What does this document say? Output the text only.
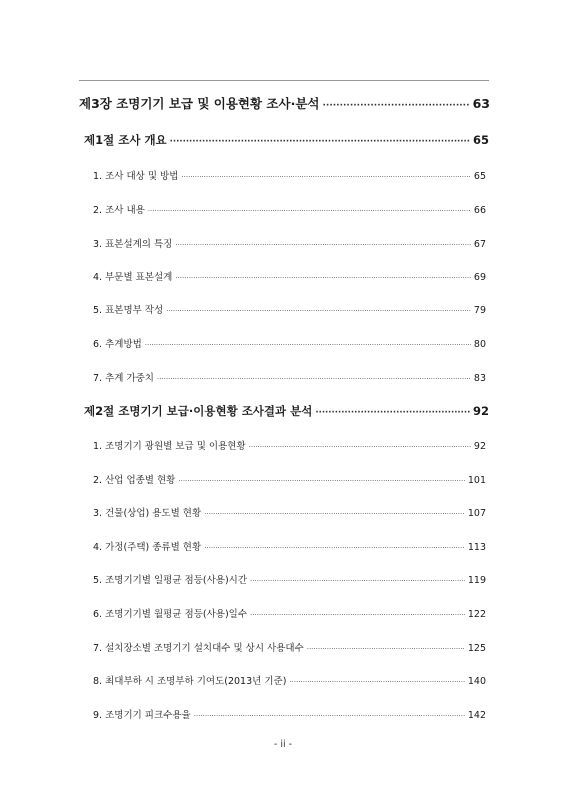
제3장 조명기기 보급 및 이용현황 조사·분석 ·····	63
제1절 조사 개요 ·····	65
1. 조사 대상 및 방법 ·····	65
2. 조사 내용 ·····	66
3. 표본설계의 특징 ·····	67
4. 부문별 표본설계 ·····	69
5. 표본명부 작성 ·····	79
6. 추계방법 ·····	80
7. 추계 가중치 ·····	83
제2절 조명기기 보급·이용현황 조사결과 분석 ·····	92
1. 조명기기 광원별 보급 및 이용현황 ·····	92
2. 산업 업종별 현황 ·····	101
3. 건물(상업) 용도별 현황 ·····	107
4. 가정(주택) 종류별 현황 ·····	113
5. 조명기기별 일평균 점등(사용)시간 ·····	119
6. 조명기기별 월평균 점등(사용)일수 ·····	122
7. 설치장소별 조명기기 설치대수 및 상시 사용대수 ·····	125
8. 최대부하 시 조명부하 기여도(2013년 기준) ·····	140
9. 조명기기 피크수용율 ·····	142
- ii -
